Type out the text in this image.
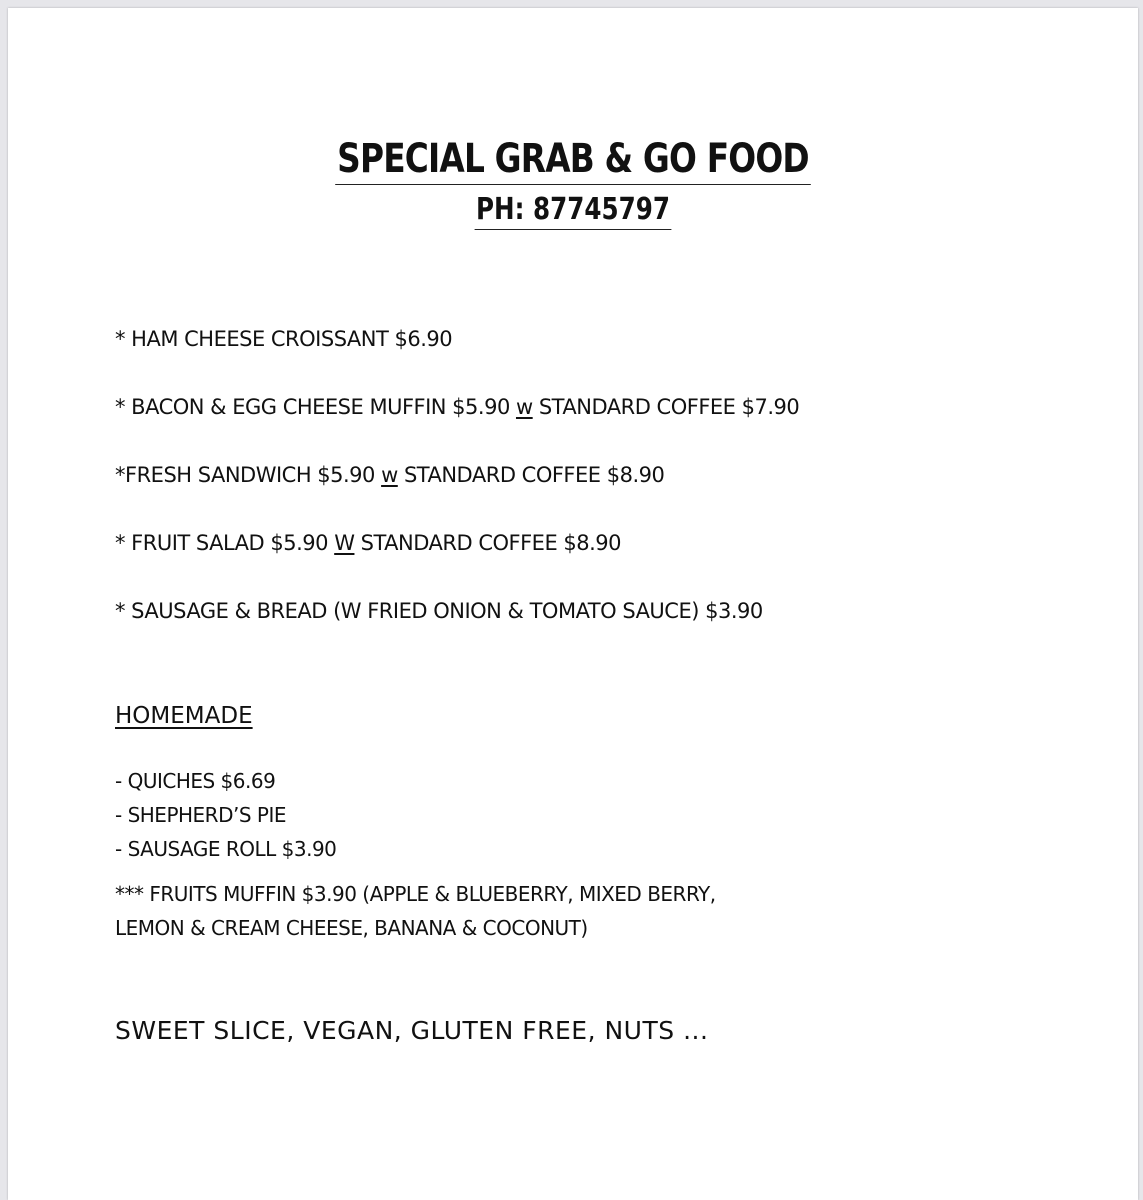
SPECIAL GRAB & GO FOOD
PH: 87745797
* HAM CHEESE CROISSANT $6.90
* BACON & EGG CHEESE MUFFIN $5.90 w STANDARD COFFEE $7.90
*FRESH SANDWICH $5.90 w STANDARD COFFEE $8.90
* FRUIT SALAD $5.90 W STANDARD COFFEE $8.90
* SAUSAGE & BREAD (W FRIED ONION & TOMATO SAUCE) $3.90
HOMEMADE
- QUICHES $6.69
- SHEPHERD’S PIE
- SAUSAGE ROLL $3.90
*** FRUITS MUFFIN $3.90 (APPLE & BLUEBERRY, MIXED BERRY,
LEMON & CREAM CHEESE, BANANA & COCONUT)
SWEET SLICE, VEGAN, GLUTEN FREE, NUTS ...
